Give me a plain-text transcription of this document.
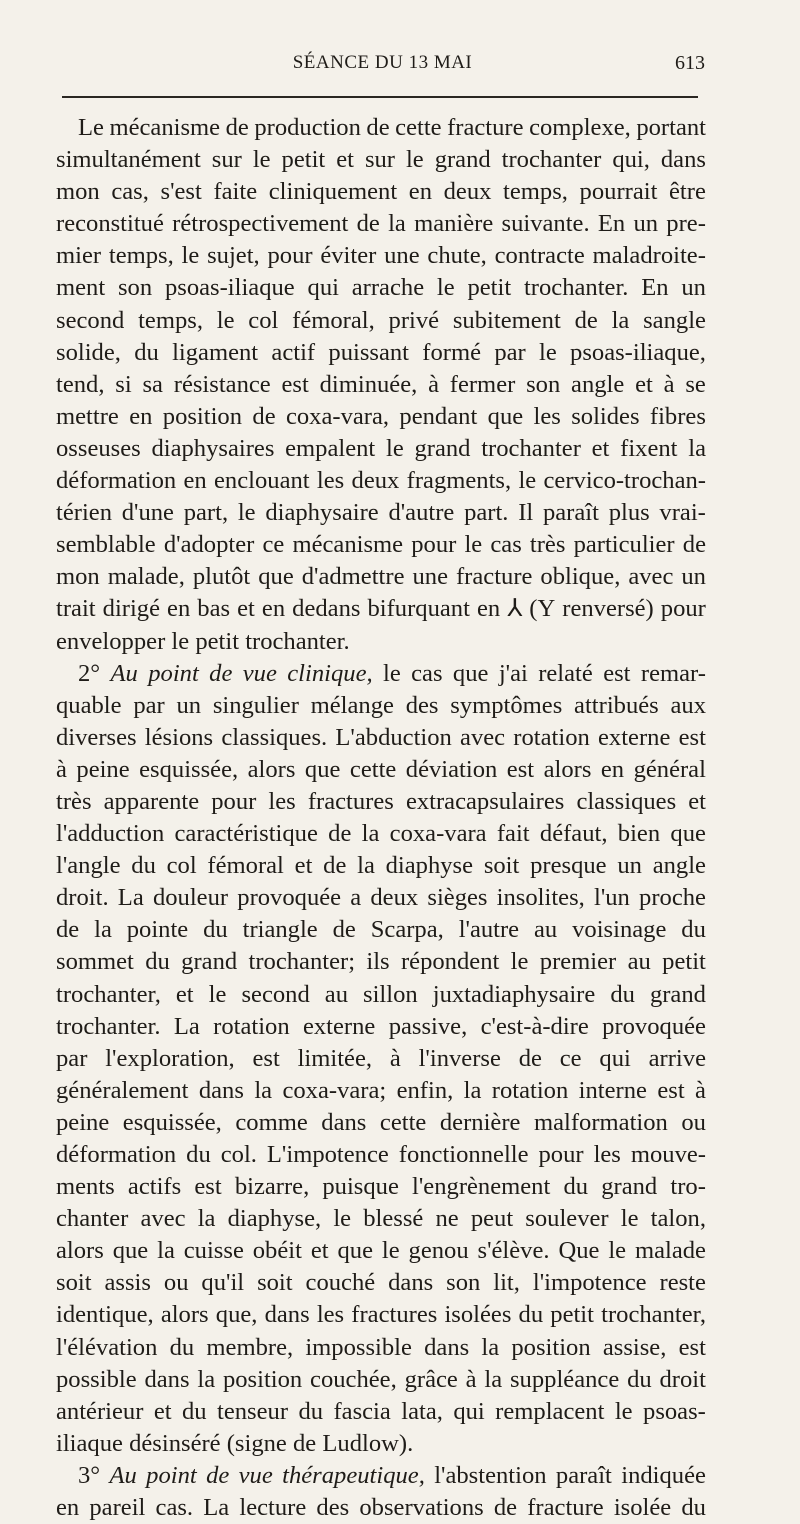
SÉANCE DU 13 MAI	613
Le mécanisme de production de cette fracture complexe, portant
simultanément sur le petit et sur le grand trochanter qui, dans
mon cas, s'est faite cliniquement en deux temps, pourrait être
reconstitué rétrospectivement de la manière suivante. En un pre-
mier temps, le sujet, pour éviter une chute, contracte maladroite-
ment son psoas-iliaque qui arrache le petit trochanter. En un
second temps, le col fémoral, privé subitement de la sangle
solide, du ligament actif puissant formé par le psoas-iliaque,
tend, si sa résistance est diminuée, à fermer son angle et à se
mettre en position de coxa-vara, pendant que les solides fibres
osseuses diaphysaires empalent le grand trochanter et fixent la
déformation en enclouant les deux fragments, le cervico-trochan-
térien d'une part, le diaphysaire d'autre part. Il paraît plus vrai-
semblable d'adopter ce mécanisme pour le cas très particulier de
mon malade, plutôt que d'admettre une fracture oblique, avec un
trait dirigé en bas et en dedans bifurquant en ⅄ (Y renversé) pour
envelopper le petit trochanter.
2° Au point de vue clinique, le cas que j'ai relaté est remar-
quable par un singulier mélange des symptômes attribués aux
diverses lésions classiques. L'abduction avec rotation externe est
à peine esquissée, alors que cette déviation est alors en général
très apparente pour les fractures extracapsulaires classiques et
l'adduction caractéristique de la coxa-vara fait défaut, bien que
l'angle du col fémoral et de la diaphyse soit presque un angle
droit. La douleur provoquée a deux sièges insolites, l'un proche
de la pointe du triangle de Scarpa, l'autre au voisinage du
sommet du grand trochanter; ils répondent le premier au petit
trochanter, et le second au sillon juxtadiaphysaire du grand
trochanter. La rotation externe passive, c'est-à-dire provoquée
par l'exploration, est limitée, à l'inverse de ce qui arrive
généralement dans la coxa-vara; enfin, la rotation interne est à
peine esquissée, comme dans cette dernière malformation ou
déformation du col. L'impotence fonctionnelle pour les mouve-
ments actifs est bizarre, puisque l'engrènement du grand tro-
chanter avec la diaphyse, le blessé ne peut soulever le talon,
alors que la cuisse obéit et que le genou s'élève. Que le malade
soit assis ou qu'il soit couché dans son lit, l'impotence reste
identique, alors que, dans les fractures isolées du petit trochanter,
l'élévation du membre, impossible dans la position assise, est
possible dans la position couchée, grâce à la suppléance du droit
antérieur et du tenseur du fascia lata, qui remplacent le psoas-
iliaque désinséré (signe de Ludlow).
3° Au point de vue thérapeutique, l'abstention paraît indiquée
en pareil cas. La lecture des observations de fracture isolée du
